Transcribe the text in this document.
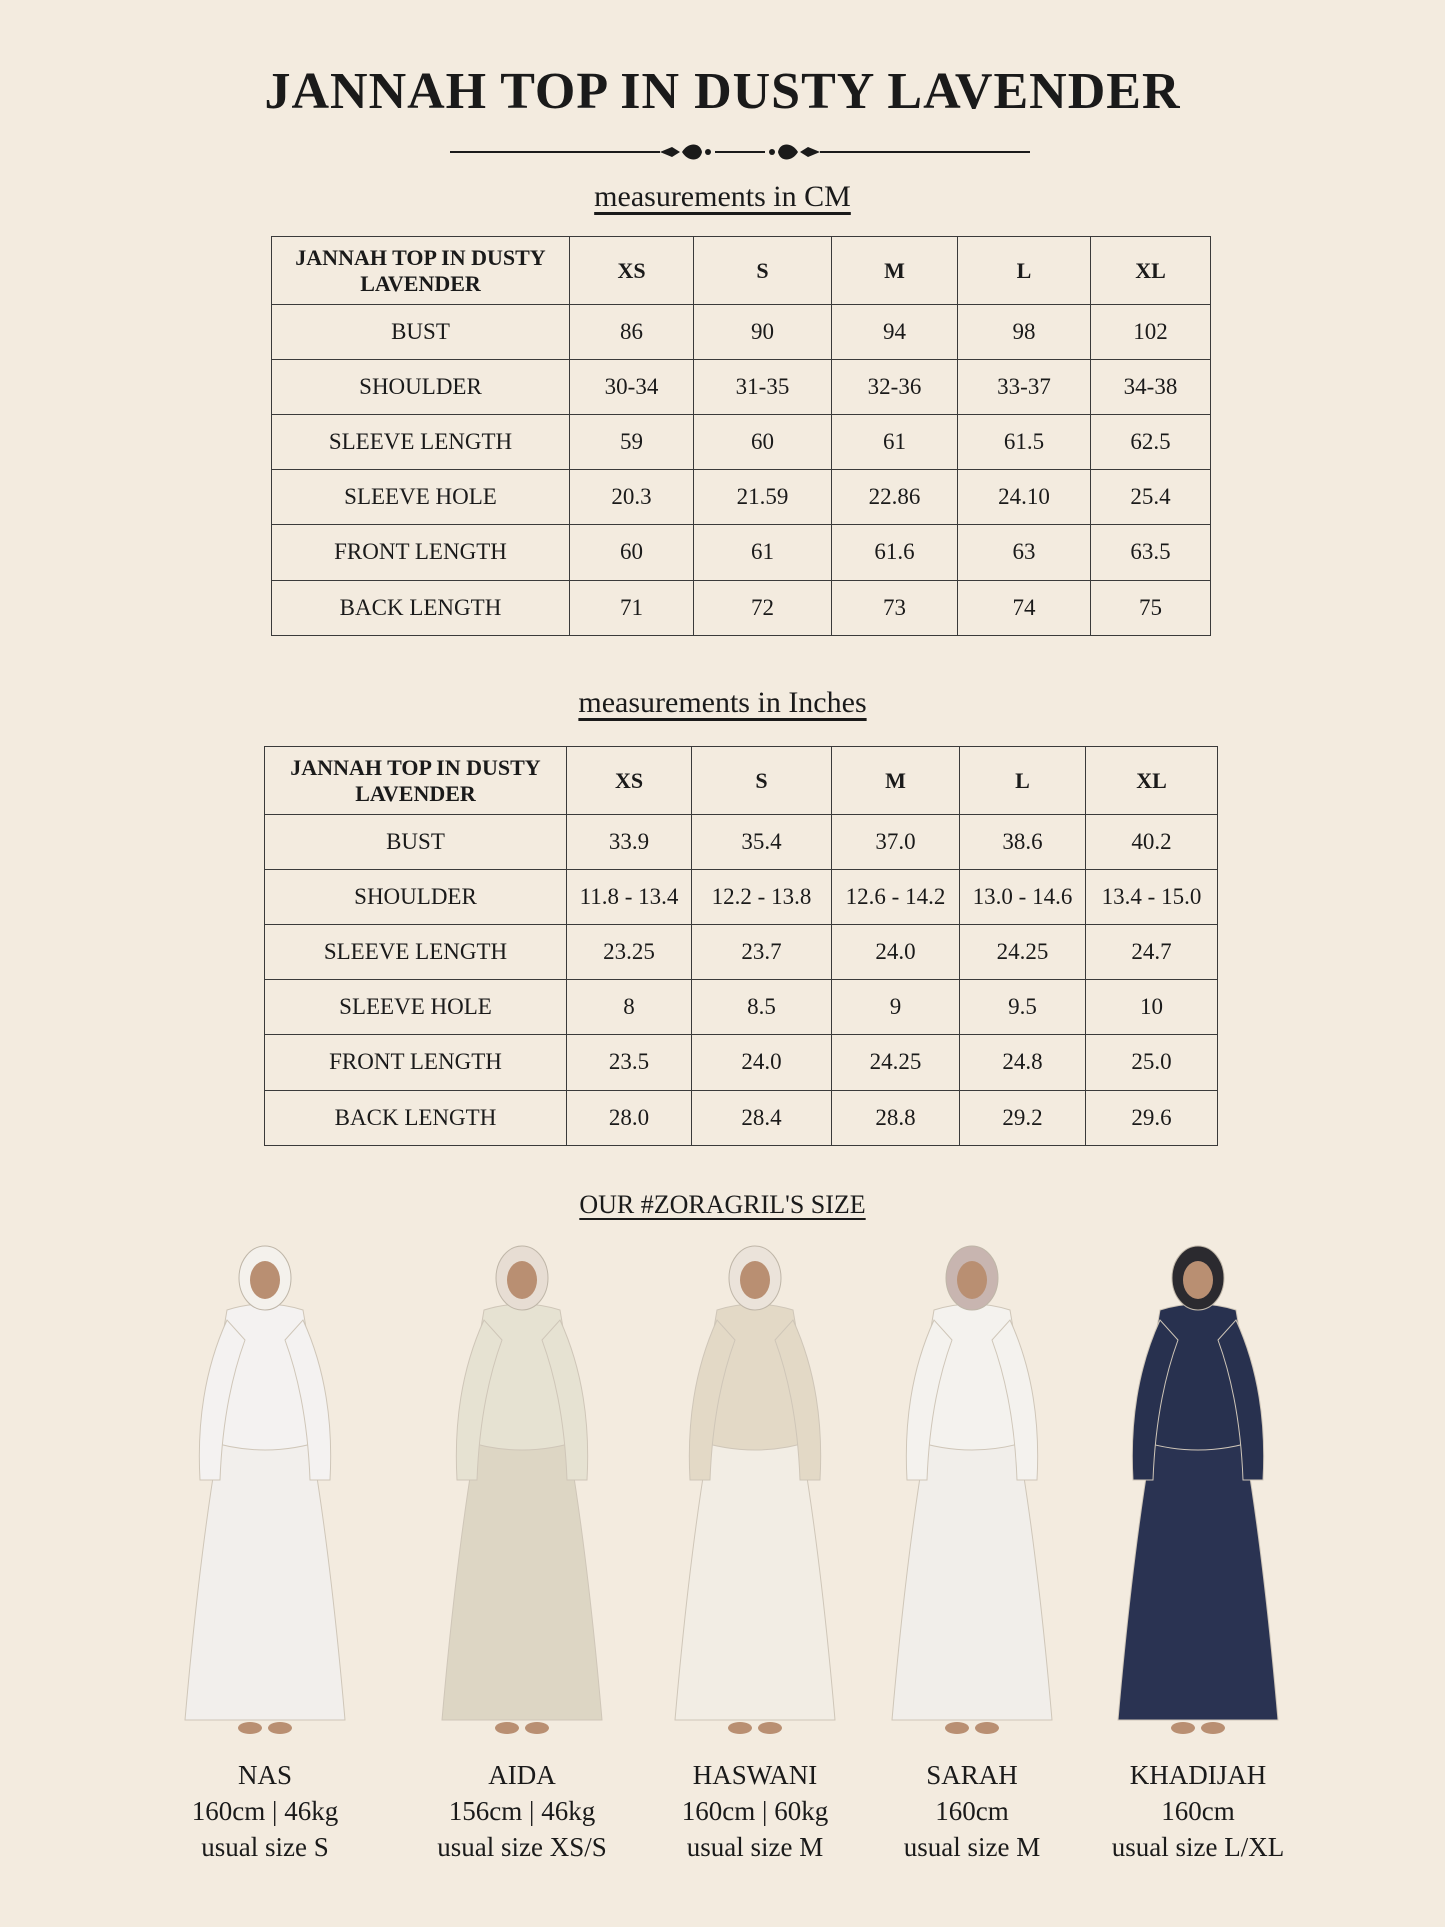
JANNAH TOP IN DUSTY LAVENDER
measurements in CM
JANNAH TOP IN DUSTY LAVENDER	XS	S	M	L	XL
BUST	86	90	94	98	102
SHOULDER	30-34	31-35	32-36	33-37	34-38
SLEEVE LENGTH	59	60	61	61.5	62.5
SLEEVE HOLE	20.3	21.59	22.86	24.10	25.4
FRONT LENGTH	60	61	61.6	63	63.5
BACK LENGTH	71	72	73	74	75
measurements in Inches
JANNAH TOP IN DUSTY LAVENDER	XS	S	M	L	XL
BUST	33.9	35.4	37.0	38.6	40.2
SHOULDER	11.8 - 13.4	12.2 - 13.8	12.6 - 14.2	13.0 - 14.6	13.4 - 15.0
SLEEVE LENGTH	23.25	23.7	24.0	24.25	24.7
SLEEVE HOLE	8	8.5	9	9.5	10
FRONT LENGTH	23.5	24.0	24.25	24.8	25.0
BACK LENGTH	28.0	28.4	28.8	29.2	29.6
OUR #ZORAGRIL'S SIZE
NAS
160cm | 46kg
usual size S
AIDA
156cm | 46kg
usual size XS/S
HASWANI
160cm | 60kg
usual size M
SARAH
160cm
usual size M
KHADIJAH
160cm
usual size L/XL
